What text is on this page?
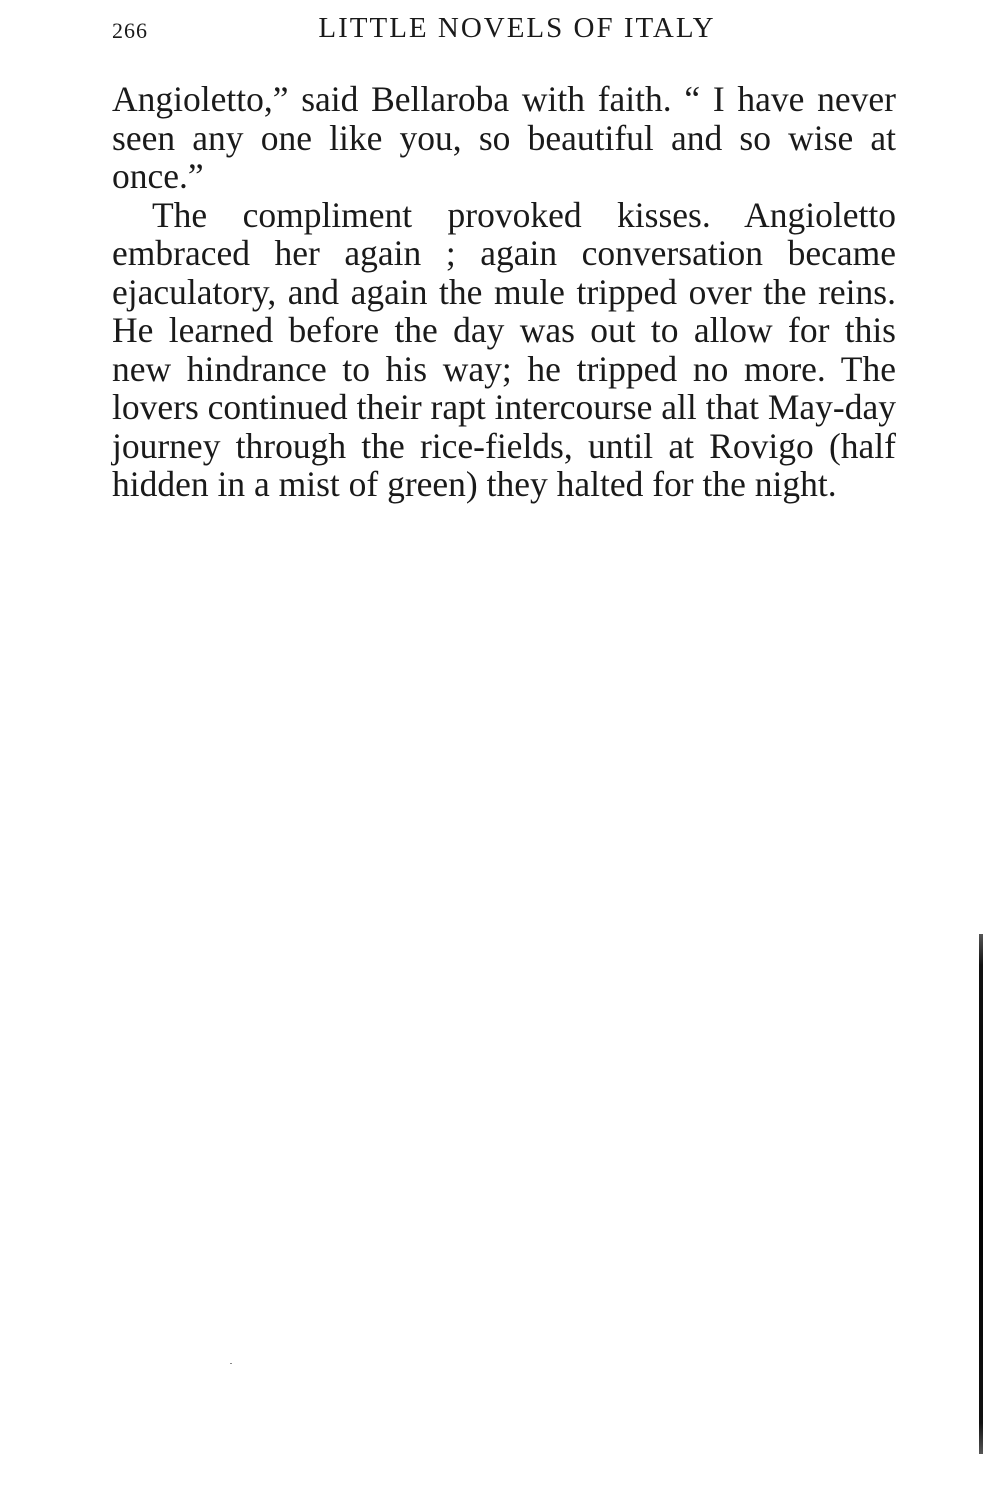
266	LITTLE NOVELS OF ITALY

Angioletto,” said Bellaroba with faith. “ I have never seen any one like you, so beautiful and so wise at once.”

The compliment provoked kisses. Angioletto embraced her again ; again conversation became ejaculatory, and again the mule tripped over the reins. He learned before the day was out to allow for this new hindrance to his way; he tripped no more. The lovers continued their rapt intercourse all that May-day journey through the rice-fields, until at Rovigo (half hidden in a mist of green) they halted for the night.
